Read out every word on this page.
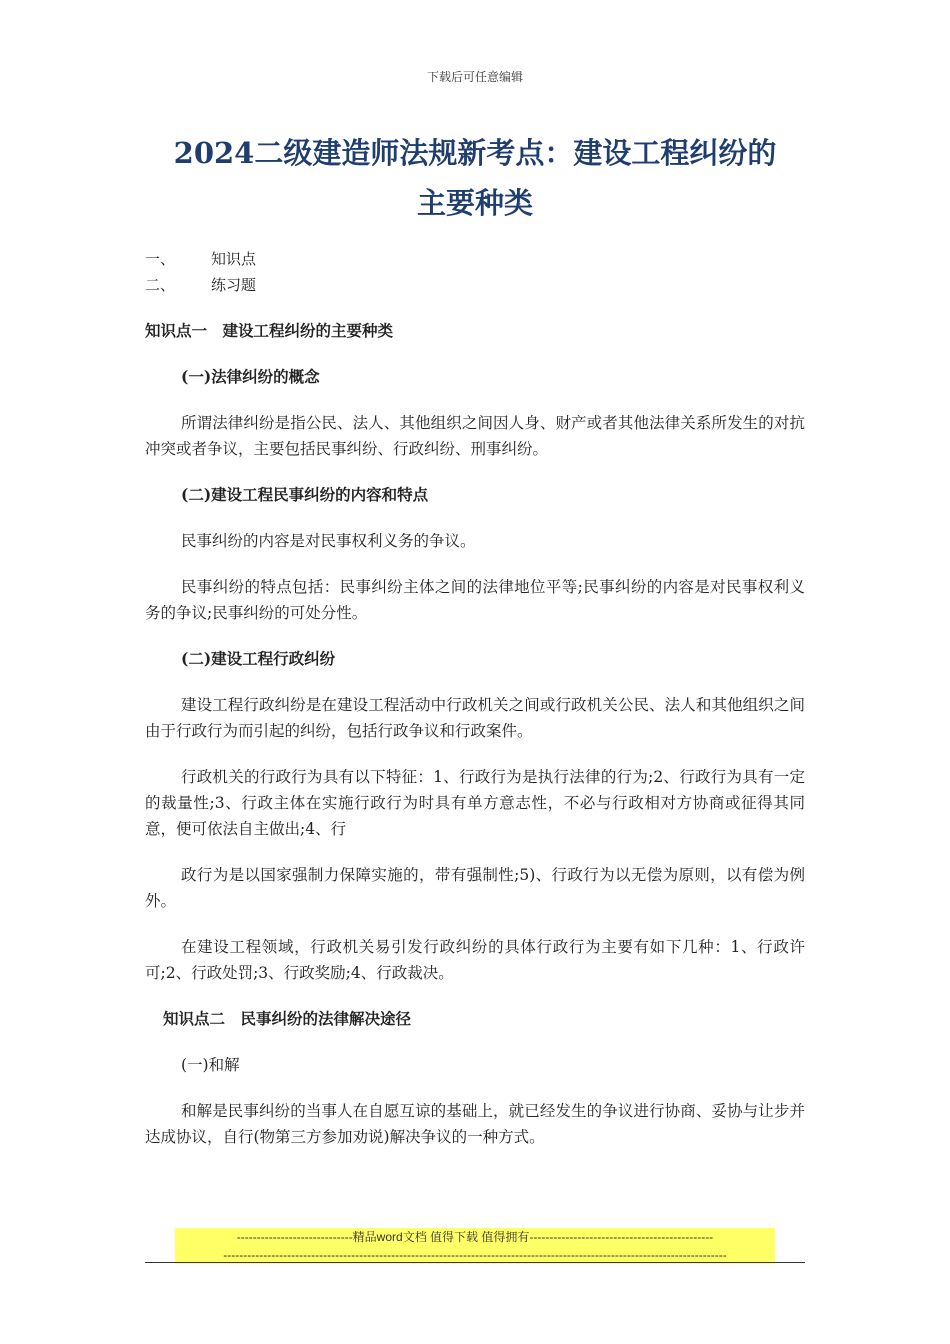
下载后可任意编辑
2024二级建造师法规新考点：建设工程纠纷的
主要种类
一、	知识点
二、	练习题
知识点一　建设工程纠纷的主要种类
(一)法律纠纷的概念
所谓法律纠纷是指公民、法人、其他组织之间因人身、财产或者其他法律关系所发生的对抗冲突或者争议，主要包括民事纠纷、行政纠纷、刑事纠纷。
(二)建设工程民事纠纷的内容和特点
民事纠纷的内容是对民事权利义务的争议。
民事纠纷的特点包括：民事纠纷主体之间的法律地位平等;民事纠纷的内容是对民事权利义务的争议;民事纠纷的可处分性。
(二)建设工程行政纠纷
建设工程行政纠纷是在建设工程活动中行政机关之间或行政机关公民、法人和其他组织之间由于行政行为而引起的纠纷，包括行政争议和行政案件。
行政机关的行政行为具有以下特征：1、行政行为是执行法律的行为;2、行政行为具有一定的裁量性;3、行政主体在实施行政行为时具有单方意志性，不必与行政相对方协商或征得其同意，便可依法自主做出;4、行
政行为是以国家强制力保障实施的，带有强制性;5)、行政行为以无偿为原则，以有偿为例外。
在建设工程领域，行政机关易引发行政纠纷的具体行政行为主要有如下几种：1、行政许可;2、行政处罚;3、行政奖励;4、行政裁决。
知识点二　民事纠纷的法律解决途径
(一)和解
和解是民事纠纷的当事人在自愿互谅的基础上，就已经发生的争议进行协商、妥协与让步并达成协议，自行(物第三方参加劝说)解决争议的一种方式。
-----------------------------精品word文档 值得下载 值得拥有----------------------------------------------
------------------------------------------------------------------------------------------------------------------------------
